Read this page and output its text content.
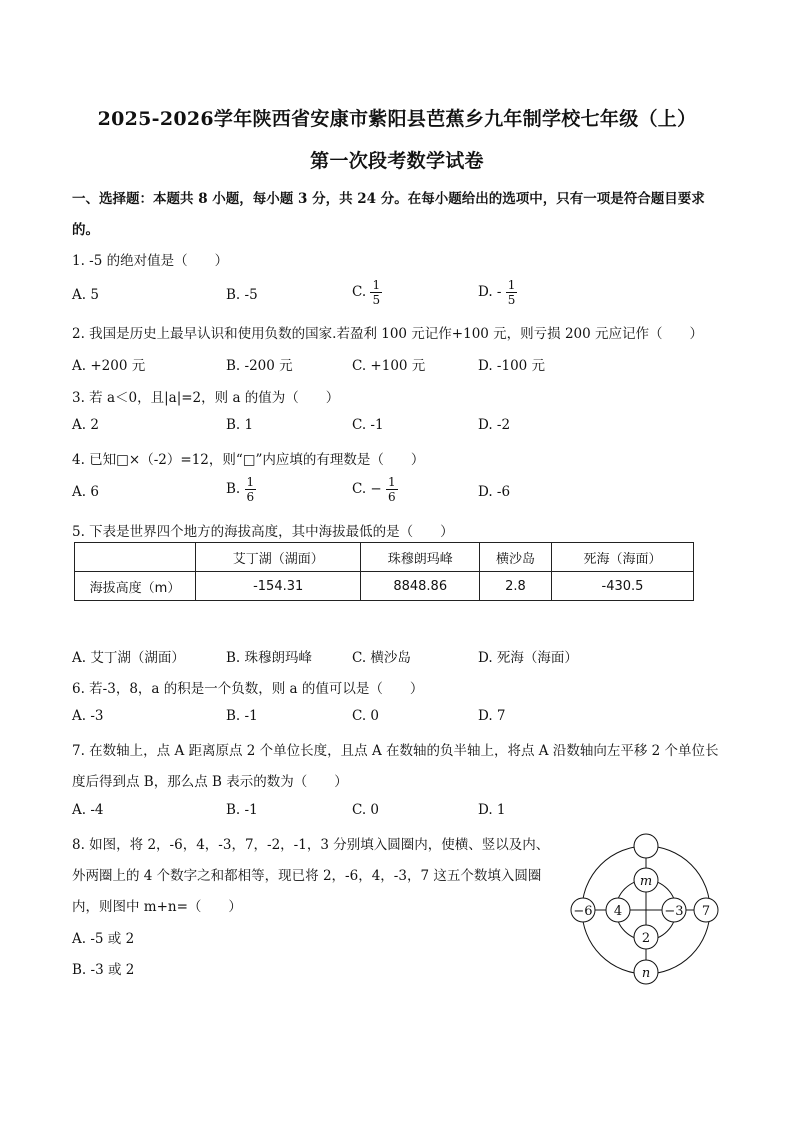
2025-2026学年陕西省安康市紫阳县芭蕉乡九年制学校七年级（上）
第一次段考数学试卷
一、选择题：本题共 8 小题，每小题 3 分，共 24 分。在每小题给出的选项中，只有一项是符合题目要求
的。
1. -5 的绝对值是（　　）
A. 5	B. -5	C. $\frac{1}{5}$	D. - $\frac{1}{5}$
2. 我国是历史上最早认识和使用负数的国家.若盈利 100 元记作+100 元，则亏损 200 元应记作（　　）
A. +200 元	B. -200 元	C. +100 元	D. -100 元
3. 若 a＜0，且|a|=2，则 a 的值为（　　）
A. 2	B. 1	C. -1	D. -2
4. 已知□×（-2）=12，则“□”内应填的有理数是（　　）
A. 6	B. $\frac{1}{6}$	C. − $\frac{1}{6}$	D. -6
5. 下表是世界四个地方的海拔高度，其中海拔最低的是（　　）
	艾丁湖（湖面）	珠穆朗玛峰	横沙岛	死海（海面）
海拔高度（m）	-154.31	8848.86	2.8	-430.5
A. 艾丁湖（湖面）	B. 珠穆朗玛峰	C. 横沙岛	D. 死海（海面）
6. 若-3，8，a 的积是一个负数，则 a 的值可以是（　　）
A. -3	B. -1	C. 0	D. 7
7. 在数轴上，点 A 距离原点 2 个单位长度，且点 A 在数轴的负半轴上，将点 A 沿数轴向左平移 2 个单位长
度后得到点 B，那么点 B 表示的数为（　　）
A. -4	B. -1	C. 0	D. 1
8. 如图，将 2，-6，4，-3，7，-2，-1，3 分别填入圆圈内，使横、竖以及内、
外两圈上的 4 个数字之和都相等，现已将 2，-6，4，-3，7 这五个数填入圆圈
内，则图中 m+n=（　　）
A. -5 或 2
B. -3 或 2
m
−6 4	−3 7
2
n
